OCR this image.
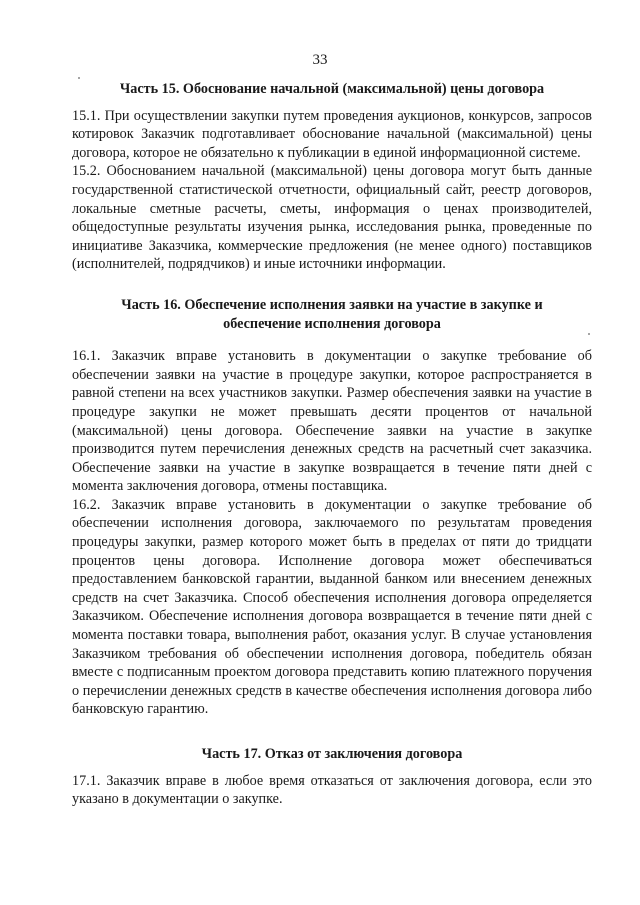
33

Часть 15. Обоснование начальной (максимальной) цены договора

15.1. При осуществлении закупки путем проведения аукционов, конкурсов, запросов котировок Заказчик подготавливает обоснование начальной (максимальной) цены договора, которое не обязательно к публикации в единой информационной системе.

15.2. Обоснованием начальной (максимальной) цены договора могут быть данные государственной статистической отчетности, официальный сайт, реестр договоров, локальные сметные расчеты, сметы, информация о ценах производителей, общедоступные результаты изучения рынка, исследования рынка, проведенные по инициативе Заказчика, коммерческие предложения (не менее одного) поставщиков (исполнителей, подрядчиков) и иные источники информации.

Часть 16. Обеспечение исполнения заявки на участие в закупке и

обеспечение исполнения договора

16.1. Заказчик вправе установить в документации о закупке требование об обеспечении заявки на участие в процедуре закупки, которое распространяется в равной степени на всех участников закупки. Размер обеспечения заявки на участие в процедуре закупки не может превышать десяти процентов от начальной (максимальной) цены договора. Обеспечение заявки на участие в закупке производится путем перечисления денежных средств на расчетный счет заказчика. Обеспечение заявки на участие в закупке возвращается в течение пяти дней с момента заключения договора, отмены поставщика.

16.2. Заказчик вправе установить в документации о закупке требование об обеспечении исполнения договора, заключаемого по результатам проведения процедуры закупки, размер которого может быть в пределах от пяти до тридцати процентов цены договора. Исполнение договора может обеспечиваться предоставлением банковской гарантии, выданной банком или внесением денежных средств на счет Заказчика. Способ обеспечения исполнения договора определяется Заказчиком. Обеспечение исполнения договора возвращается в течение пяти дней с момента поставки товара, выполнения работ, оказания услуг. В случае установления Заказчиком требования об обеспечении исполнения договора, победитель обязан вместе с подписанным проектом договора представить копию платежного поручения о перечислении денежных средств в качестве обеспечения исполнения договора либо банковскую гарантию.

Часть 17. Отказ от заключения договора

17.1. Заказчик вправе в любое время отказаться от заключения договора, если это указано в документации о закупке.
